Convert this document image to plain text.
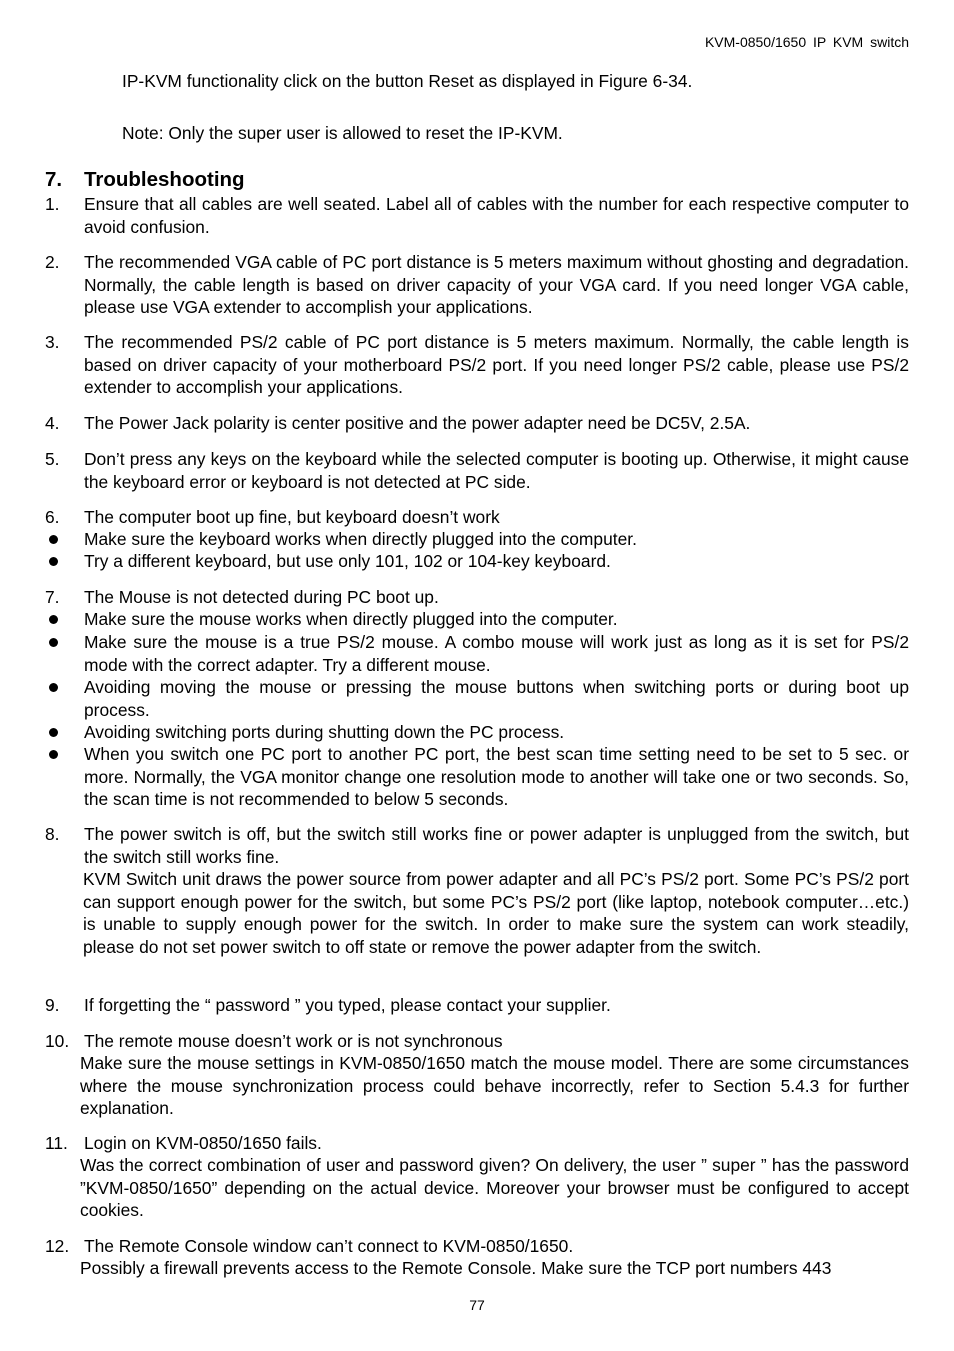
KVM-0850/1650 IP KVM switch
IP-KVM functionality click on the button Reset as displayed in Figure 6-34.
Note: Only the super user is allowed to reset the IP-KVM.
7. Troubleshooting
1. Ensure that all cables are well seated. Label all of cables with the number for each respective computer to avoid confusion.
2. The recommended VGA cable of PC port distance is 5 meters maximum without ghosting and degradation. Normally, the cable length is based on driver capacity of your VGA card. If you need longer VGA cable, please use VGA extender to accomplish your applications.
3. The recommended PS/2 cable of PC port distance is 5 meters maximum. Normally, the cable length is based on driver capacity of your motherboard PS/2 port. If you need longer PS/2 cable, please use PS/2 extender to accomplish your applications.
4. The Power Jack polarity is center positive and the power adapter need be DC5V, 2.5A.
5. Don’t press any keys on the keyboard while the selected computer is booting up. Otherwise, it might cause the keyboard error or keyboard is not detected at PC side.
6. The computer boot up fine, but keyboard doesn’t work
Make sure the keyboard works when directly plugged into the computer.
Try a different keyboard, but use only 101, 102 or 104-key keyboard.
7. The Mouse is not detected during PC boot up.
Make sure the mouse works when directly plugged into the computer.
Make sure the mouse is a true PS/2 mouse. A combo mouse will work just as long as it is set for PS/2 mode with the correct adapter. Try a different mouse.
Avoiding moving the mouse or pressing the mouse buttons when switching ports or during boot up process.
Avoiding switching ports during shutting down the PC process.
When you switch one PC port to another PC port, the best scan time setting need to be set to 5 sec. or more. Normally, the VGA monitor change one resolution mode to another will take one or two seconds. So, the scan time is not recommended to below 5 seconds.
8. The power switch is off, but the switch still works fine or power adapter is unplugged from the switch, but the switch still works fine.
KVM Switch unit draws the power source from power adapter and all PC’s PS/2 port. Some PC’s PS/2 port can support enough power for the switch, but some PC’s PS/2 port (like laptop, notebook computer…etc.) is unable to supply enough power for the switch. In order to make sure the system can work steadily, please do not set power switch to off state or remove the power adapter from the switch.
9. If forgetting the “ password ” you typed, please contact your supplier.
10. The remote mouse doesn’t work or is not synchronous
Make sure the mouse settings in KVM-0850/1650 match the mouse model. There are some circumstances where the mouse synchronization process could behave incorrectly, refer to Section 5.4.3 for further explanation.
11. Login on KVM-0850/1650 fails.
Was the correct combination of user and password given? On delivery, the user ” super ” has the password ”KVM-0850/1650” depending on the actual device. Moreover your browser must be configured to accept cookies.
12. The Remote Console window can’t connect to KVM-0850/1650.
Possibly a firewall prevents access to the Remote Console. Make sure the TCP port numbers 443
77
